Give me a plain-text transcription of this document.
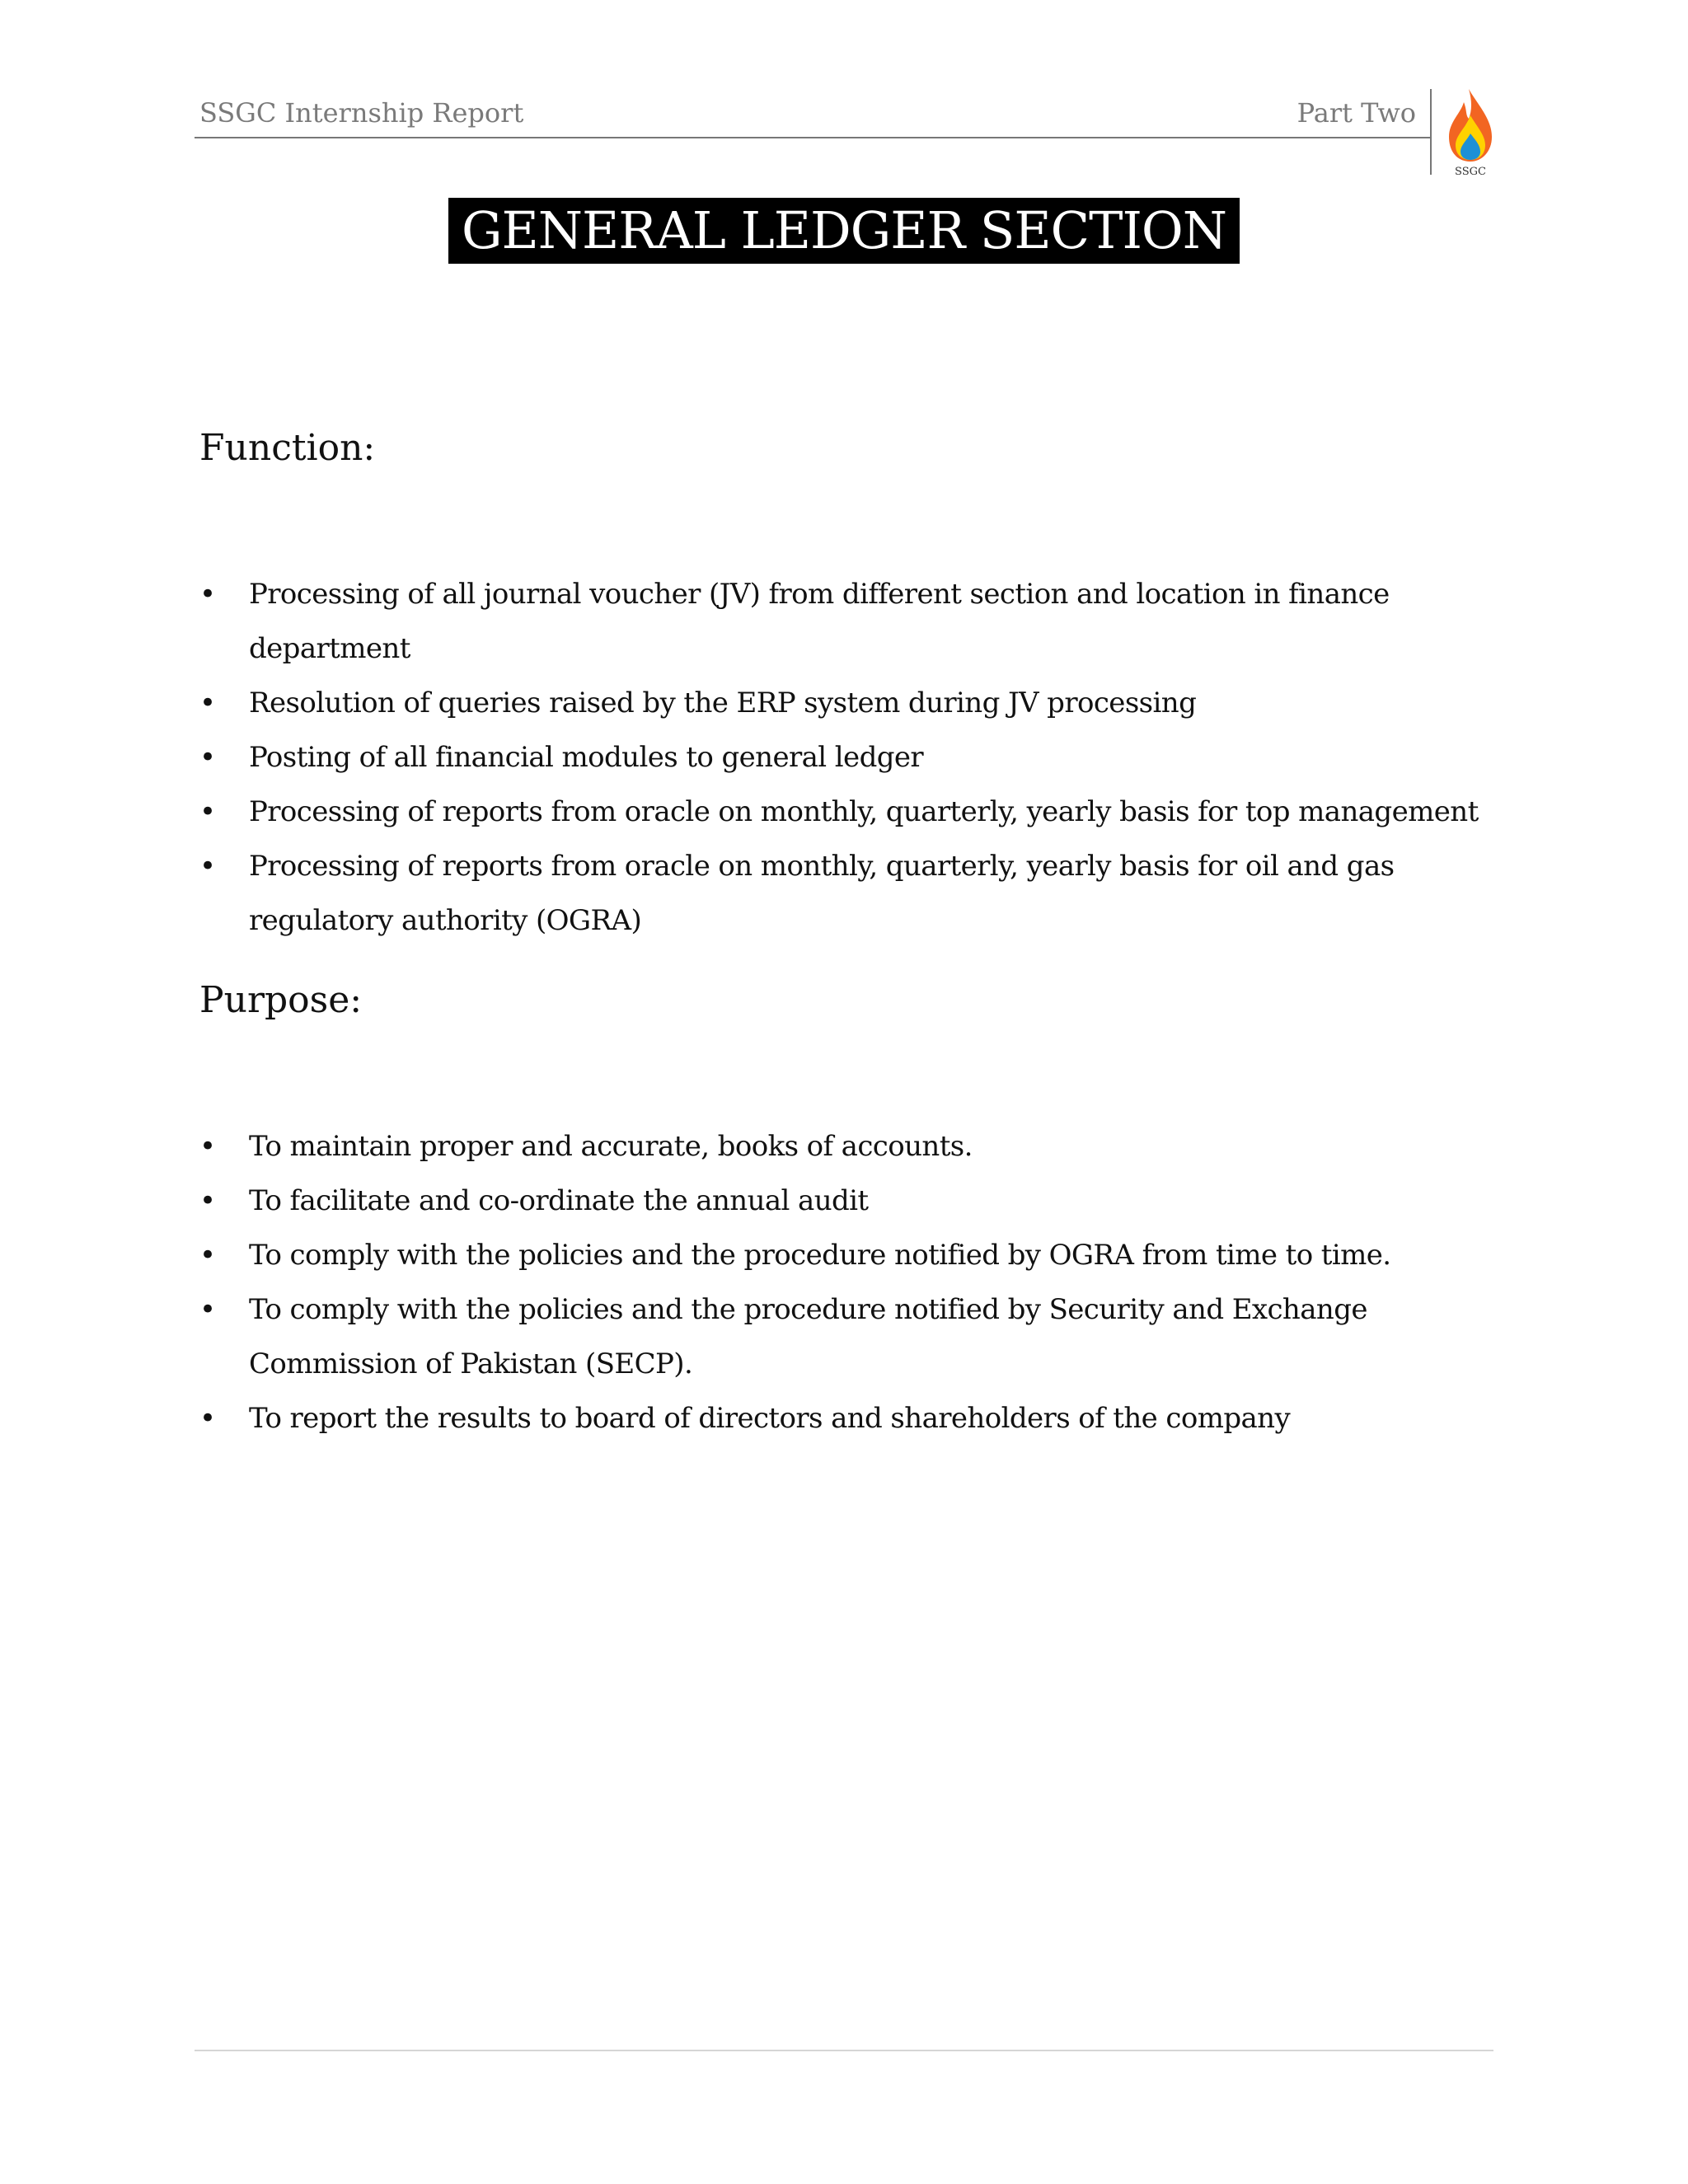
SSGC Internship Report	Part Two
SSGC
GENERAL LEDGER SECTION
Function:
• Processing of all journal voucher (JV) from different section and location in finance department
• Resolution of queries raised by the ERP system during JV processing
• Posting of all financial modules to general ledger
• Processing of reports from oracle on monthly, quarterly, yearly basis for top management
• Processing of reports from oracle on monthly, quarterly, yearly basis for oil and gas regulatory authority (OGRA)
Purpose:
• To maintain proper and accurate, books of accounts.
• To facilitate and co-ordinate the annual audit
• To comply with the policies and the procedure notified by OGRA from time to time.
• To comply with the policies and the procedure notified by Security and Exchange Commission of Pakistan (SECP).
• To report the results to board of directors and shareholders of the company
